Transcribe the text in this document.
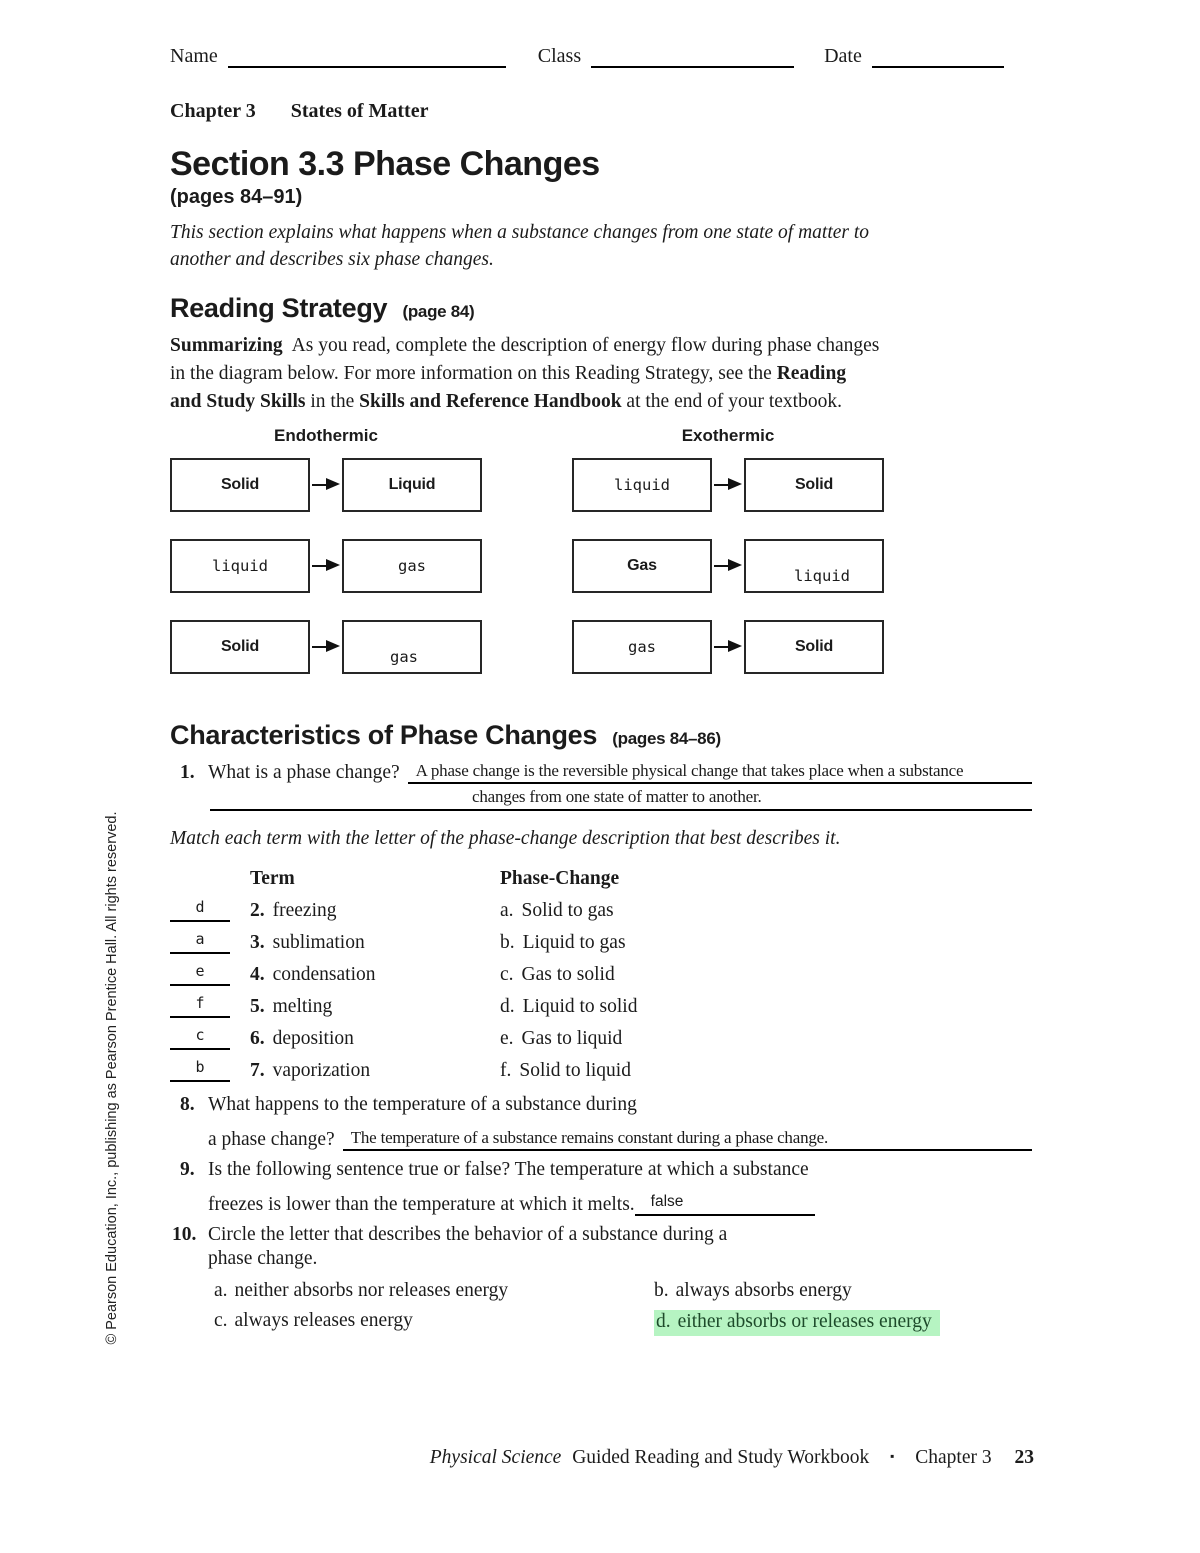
© Pearson Education, Inc., publishing as Pearson Prentice Hall. All rights reserved.
Name	Class	Date
Chapter 3 States of Matter
Section 3.3 Phase Changes
(pages 84–91)
This section explains what happens when a substance changes from one state of matter to another and describes six phase changes.
Reading Strategy (page 84)

Summarizing As you read, complete the description of energy flow during phase changes in the diagram below. For more information on this Reading Strategy, see the Reading and Study Skills in the Skills and Reference Handbook at the end of your textbook.

Endothermic	Exothermic
Solid	Liquid
liquid	gas
Solid
gas
liquid	Solid
Gas
liquid
gas	Solid
Characteristics of Phase Changes (pages 84–86)
1. What is a phase change? A phase change is the reversible physical change that takes place when a substance
changes from one state of matter to another.
Match each term with the letter of the phase-change description that best describes it.
Term	Phase-Change
d	2. freezing	a. Solid to gas
a	3. sublimation	b. Liquid to gas
e	4. condensation	c. Gas to solid
f	5. melting	d. Liquid to solid
c	6. deposition	e. Gas to liquid
b	7. vaporization	f. Solid to liquid
8. What happens to the temperature of a substance during
a phase change? The temperature of a substance remains constant during a phase change.
9. Is the following sentence true or false? The temperature at which a substance
freezes is lower than the temperature at which it melts.	false
10. Circle the letter that describes the behavior of a substance during a
phase change.
a. neither absorbs nor releases energy	b. always absorbs energy
c. always releases energy	d. either absorbs or releases energy
Physical Science Guided Reading and Study Workbook ▪ Chapter 3 23
